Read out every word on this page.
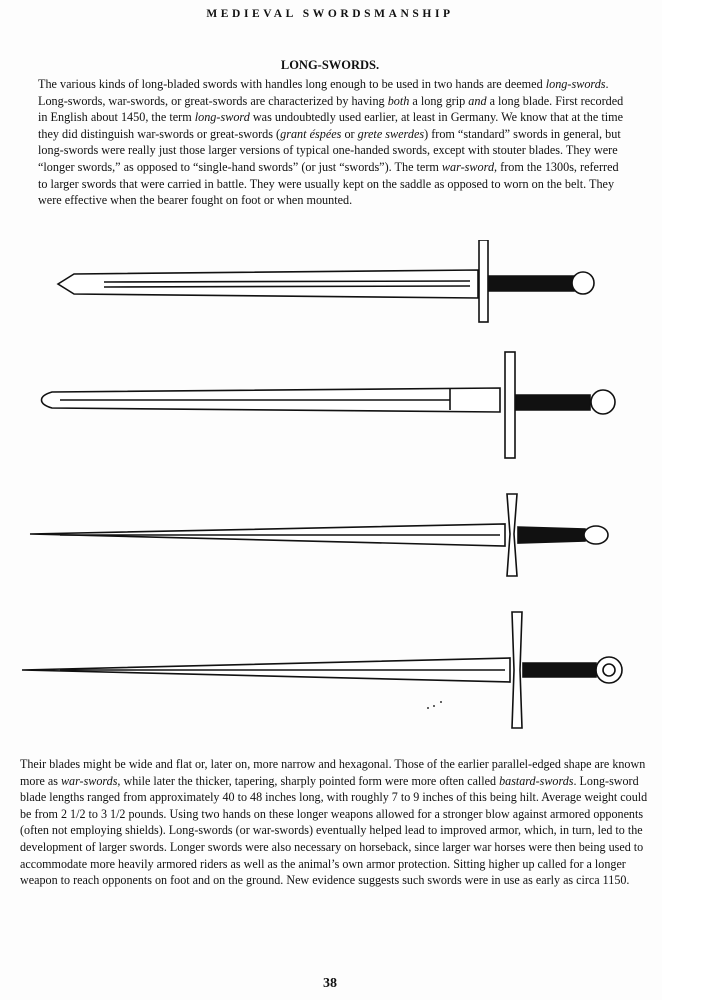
MEDIEVAL SWORDSMANSHIP
LONG-SWORDS.
The various kinds of long-bladed swords with handles long enough to be used in two hands are deemed long-swords. Long-swords, war-swords, or great-swords are characterized by having both a long grip and a long blade. First recorded in English about 1450, the term long-sword was undoubtedly used earlier, at least in Germany. We know that at the time they did distinguish war-swords or great-swords (grant éspées or grete swerdes) from “standard” swords in general, but long-swords were really just those larger versions of typical one-handed swords, except with stouter blades. They were “longer swords,” as opposed to “single-hand swords” (or just “swords”). The term war-sword, from the 1300s, referred to larger swords that were carried in battle. They were usually kept on the saddle as opposed to worn on the belt. They were effective when the bearer fought on foot or when mounted.
Their blades might be wide and flat or, later on, more narrow and hexagonal. Those of the earlier parallel-edged shape are known more as war-swords, while later the thicker, tapering, sharply pointed form were more often called bastard-swords. Long-sword blade lengths ranged from approximately 40 to 48 inches long, with roughly 7 to 9 inches of this being hilt. Average weight could be from 2 1/2 to 3 1/2 pounds. Using two hands on these longer weapons allowed for a stronger blow against armored opponents (often not employing shields). Long-swords (or war-swords) eventually helped lead to improved armor, which, in turn, led to the development of larger swords. Longer swords were also necessary on horseback, since larger war horses were then being used to accommodate more heavily armored riders as well as the animal’s own armor protection. Sitting higher up called for a longer weapon to reach opponents on foot and on the ground. New evidence suggests such swords were in use as early as circa 1150.
38
